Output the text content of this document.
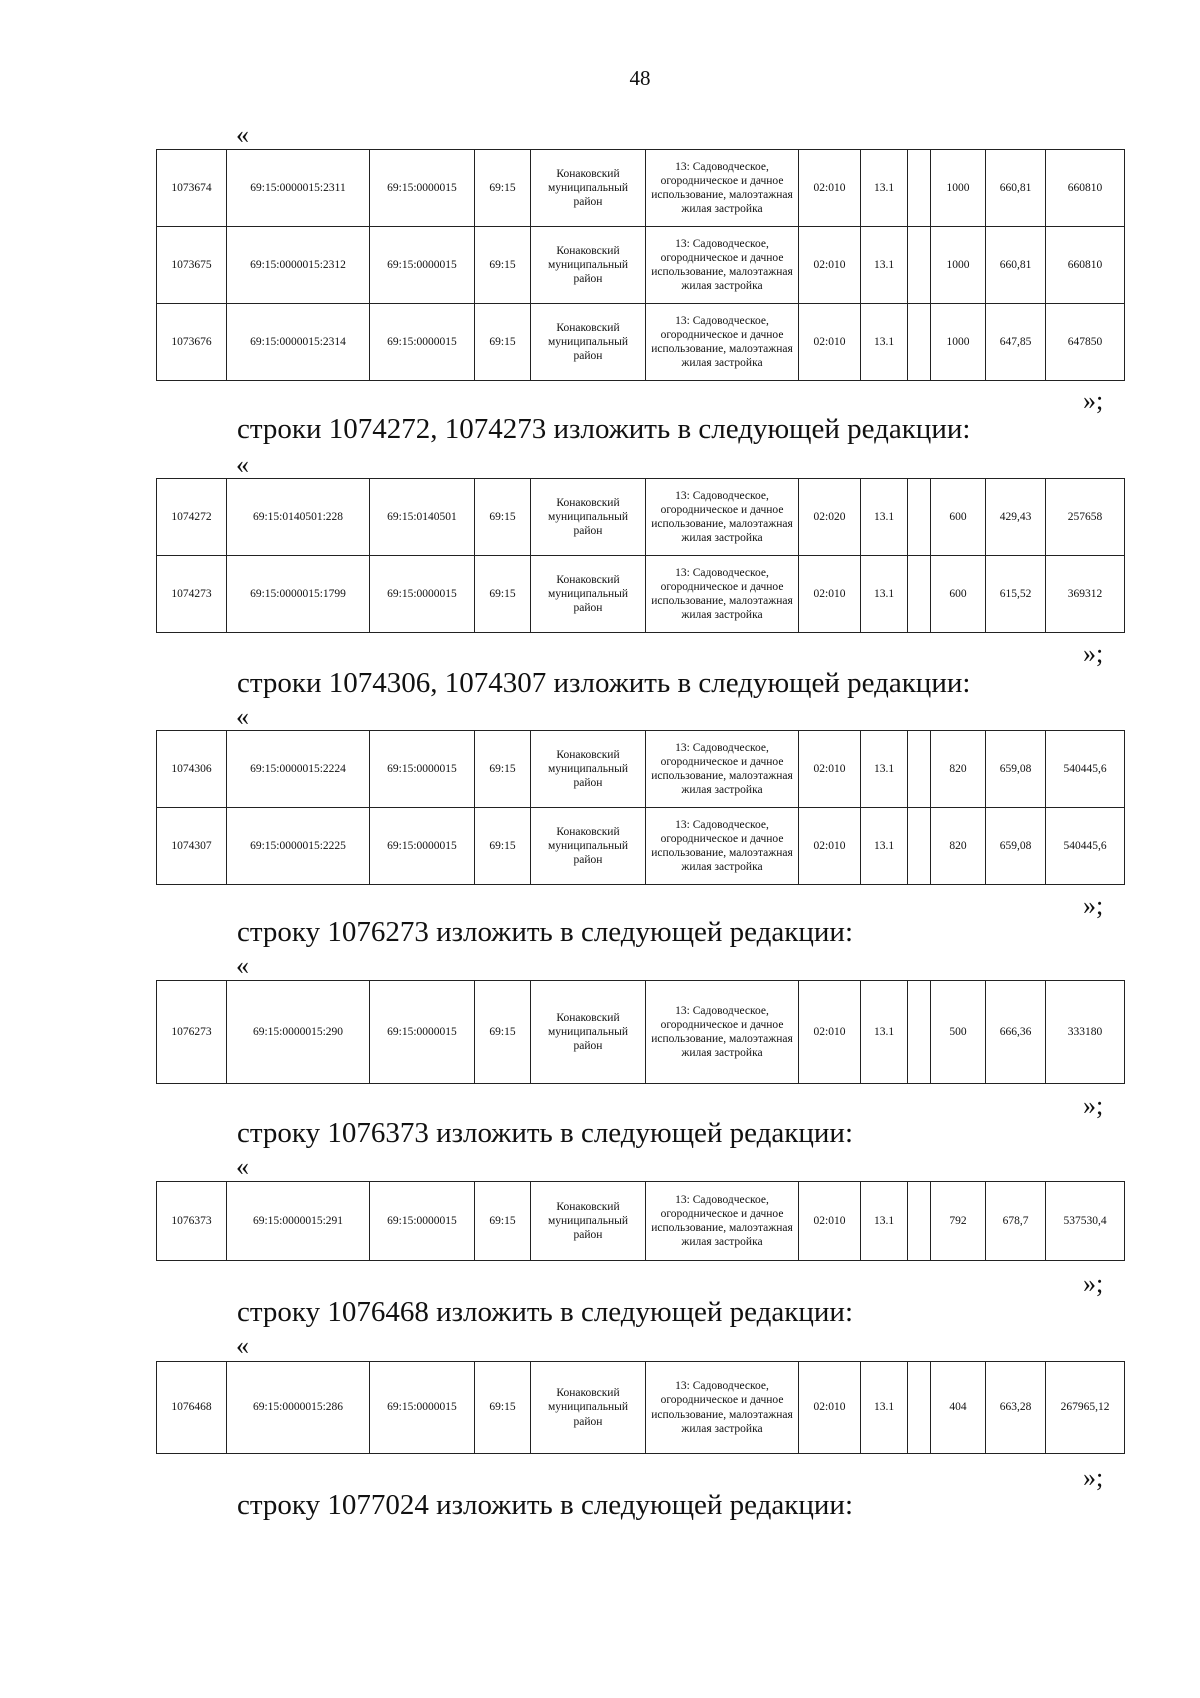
48
«
1073674	69:15:0000015:2311	69:15:0000015	69:15	Конаковский муниципальный район	13: Садоводческое, огородническое и дачное использование, малоэтажная жилая застройка	02:010	13.1		1000	660,81	660810
1073675	69:15:0000015:2312	69:15:0000015	69:15	Конаковский муниципальный район	13: Садоводческое, огородническое и дачное использование, малоэтажная жилая застройка	02:010	13.1		1000	660,81	660810
1073676	69:15:0000015:2314	69:15:0000015	69:15	Конаковский муниципальный район	13: Садоводческое, огородническое и дачное использование, малоэтажная жилая застройка	02:010	13.1		1000	647,85	647850
»;
строки 1074272, 1074273 изложить в следующей редакции:
«
1074272	69:15:0140501:228	69:15:0140501	69:15	Конаковский муниципальный район	13: Садоводческое, огородническое и дачное использование, малоэтажная жилая застройка	02:020	13.1		600	429,43	257658
1074273	69:15:0000015:1799	69:15:0000015	69:15	Конаковский муниципальный район	13: Садоводческое, огородническое и дачное использование, малоэтажная жилая застройка	02:010	13.1		600	615,52	369312
»;
строки 1074306, 1074307 изложить в следующей редакции:
«
1074306	69:15:0000015:2224	69:15:0000015	69:15	Конаковский муниципальный район	13: Садоводческое, огородническое и дачное использование, малоэтажная жилая застройка	02:010	13.1		820	659,08	540445,6
1074307	69:15:0000015:2225	69:15:0000015	69:15	Конаковский муниципальный район	13: Садоводческое, огородническое и дачное использование, малоэтажная жилая застройка	02:010	13.1		820	659,08	540445,6
»;
строку 1076273 изложить в следующей редакции:
«
1076273	69:15:0000015:290	69:15:0000015	69:15	Конаковский муниципальный район	13: Садоводческое, огородническое и дачное использование, малоэтажная жилая застройка	02:010	13.1		500	666,36	333180
»;
строку 1076373 изложить в следующей редакции:
«
1076373	69:15:0000015:291	69:15:0000015	69:15	Конаковский муниципальный район	13: Садоводческое, огородническое и дачное использование, малоэтажная жилая застройка	02:010	13.1		792	678,7	537530,4
»;
строку 1076468 изложить в следующей редакции:
«
1076468	69:15:0000015:286	69:15:0000015	69:15	Конаковский муниципальный район	13: Садоводческое, огородническое и дачное использование, малоэтажная жилая застройка	02:010	13.1		404	663,28	267965,12
»;
строку 1077024 изложить в следующей редакции:
